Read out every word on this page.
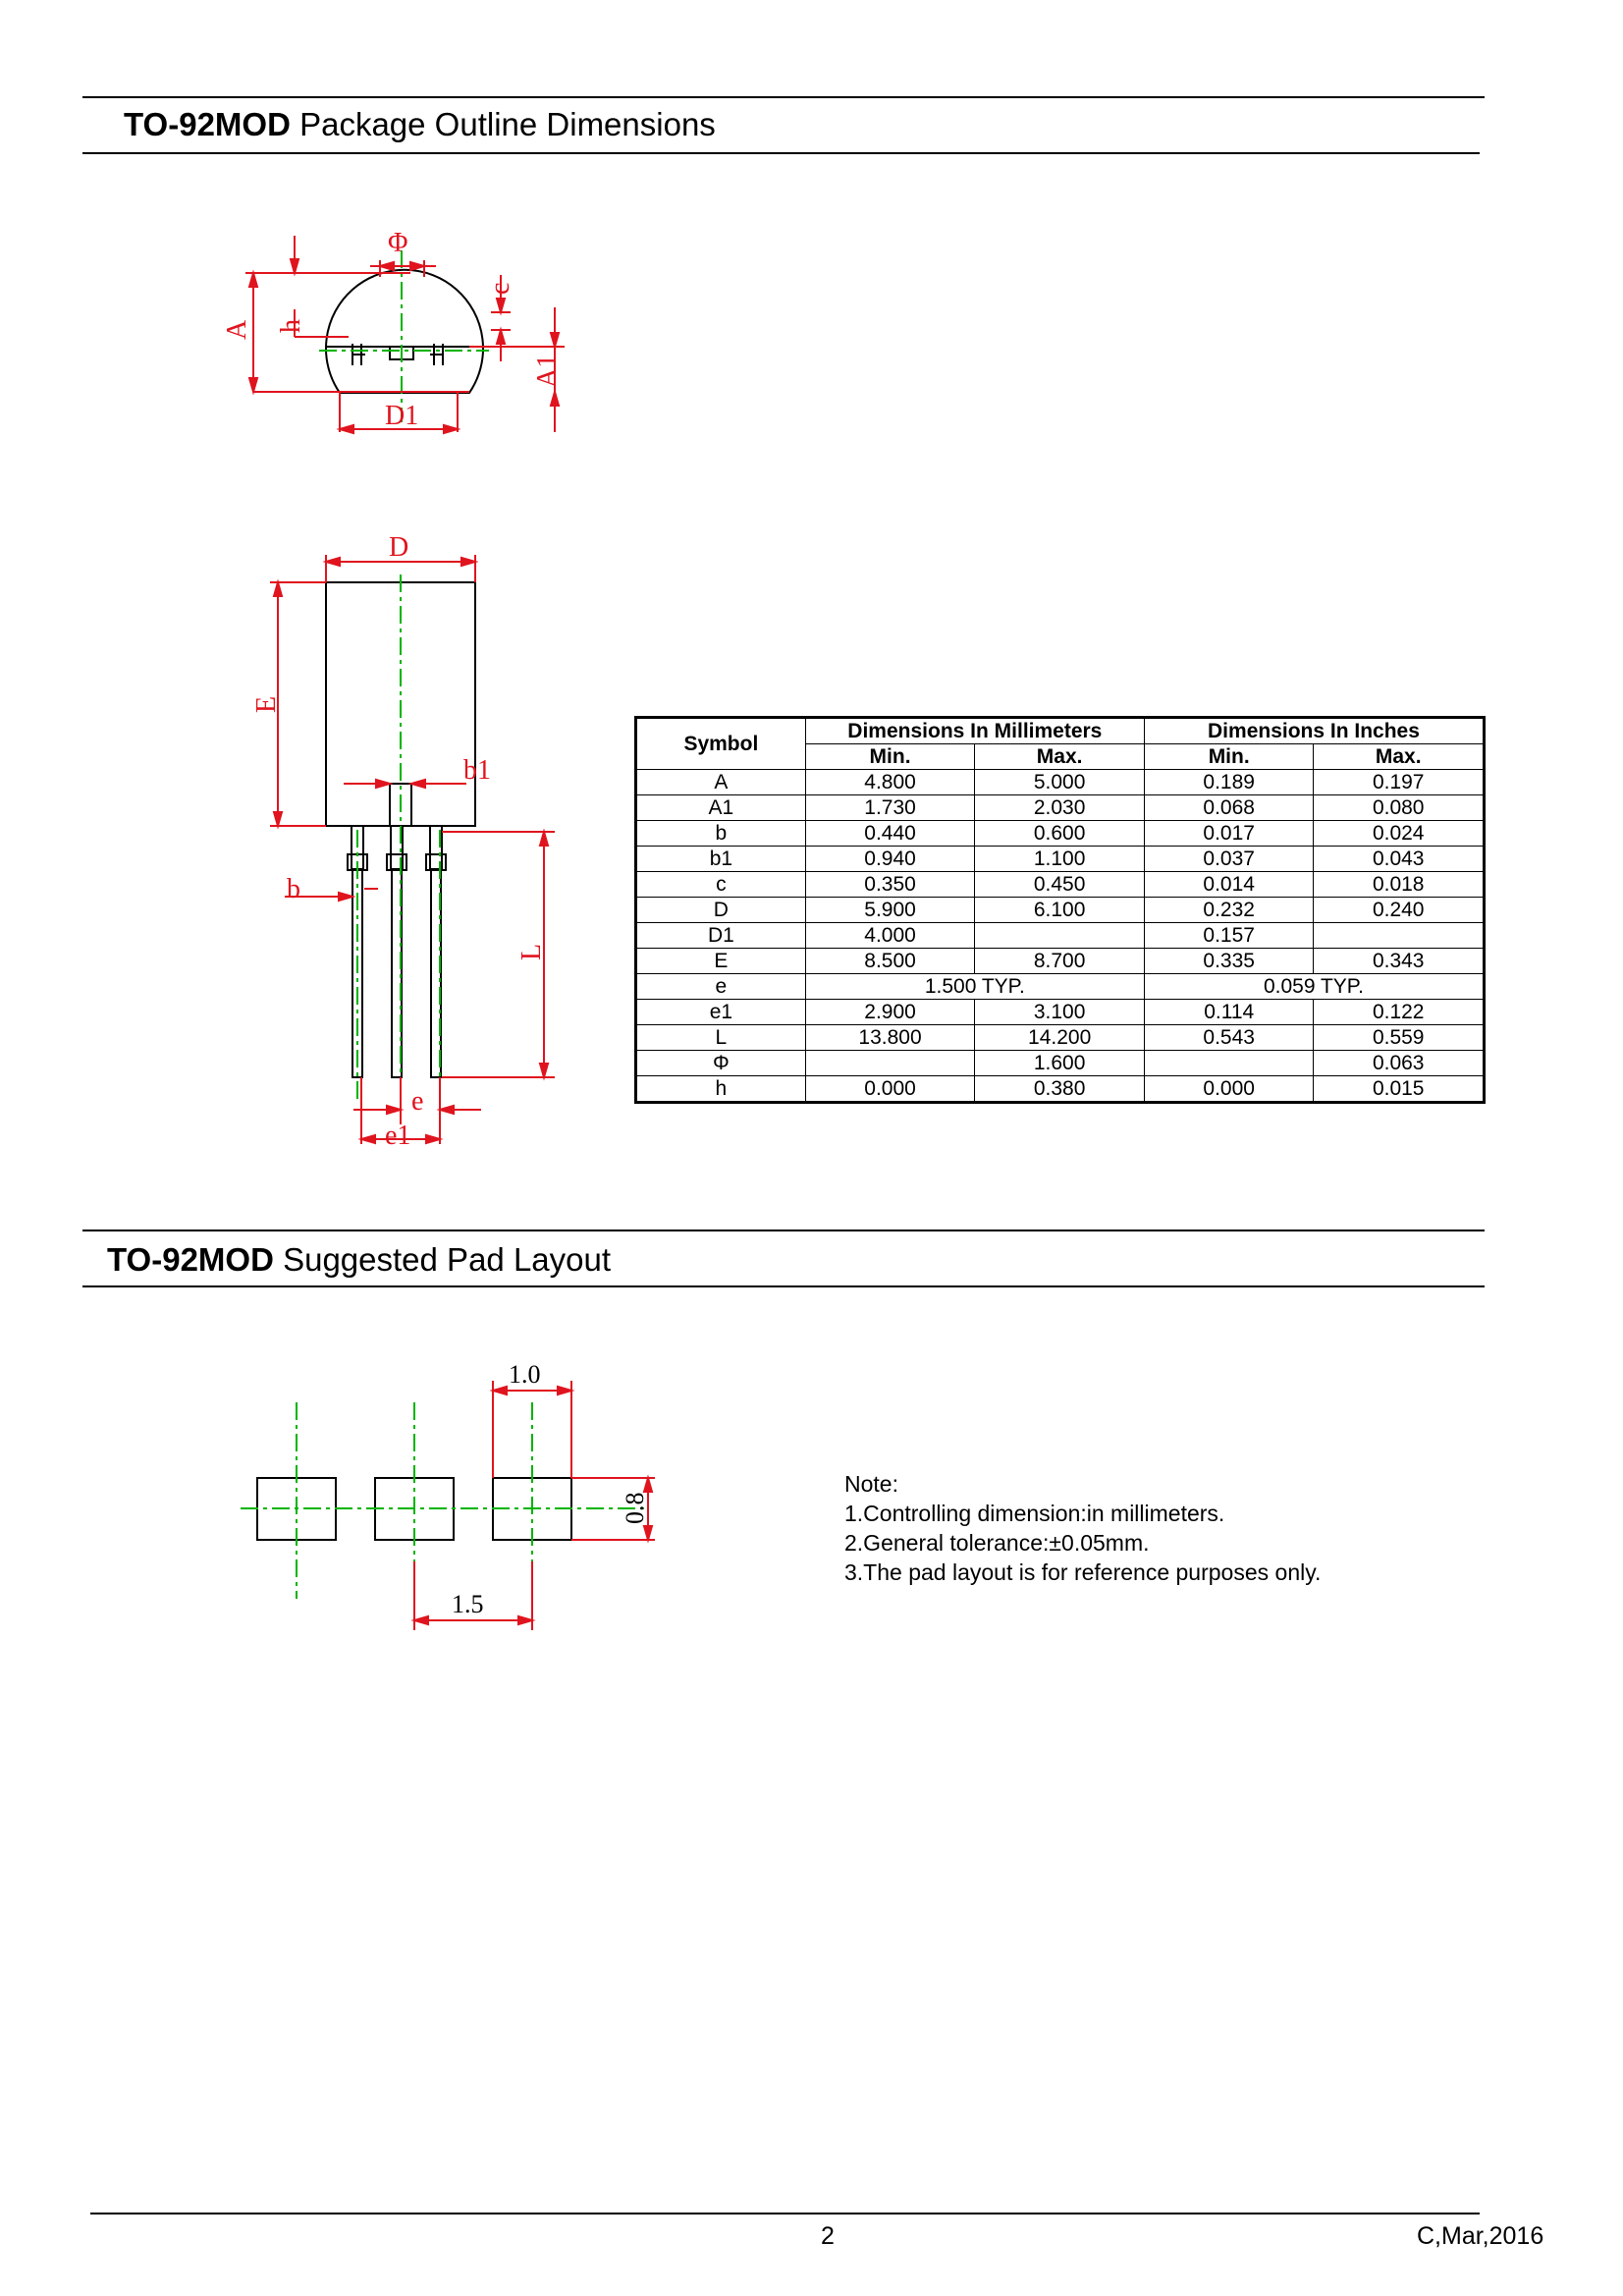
TO-92MOD Package Outline Dimensions
Φ
A h
c
A1
D1
D
E
b1
b
L
e
e1
Symbol	Dimensions In Millimeters		Dimensions In Inches	
	Min.	Max.	Min.	Max.
A	4.800	5.000	0.189	0.197
A1	1.730	2.030	0.068	0.080
b	0.440	0.600	0.017	0.024
b1	0.940	1.100	0.037	0.043
c	0.350	0.450	0.014	0.018
D	5.900	6.100	0.232	0.240
D1	4.000		0.157	
E	8.500	8.700	0.335	0.343
e	1.500 TYP.		0.059 TYP.	
e1	2.900	3.100	0.114	0.122
L	13.800	14.200	0.543	0.559
Φ		1.600		0.063
h	0.000	0.380	0.000	0.015
TO-92MOD Suggested Pad Layout
1.0
0.8
1.5
Note:
1.Controlling dimension:in millimeters.
2.General tolerance:±0.05mm.
3.The pad layout is for reference purposes only.
2	C,Mar,2016
